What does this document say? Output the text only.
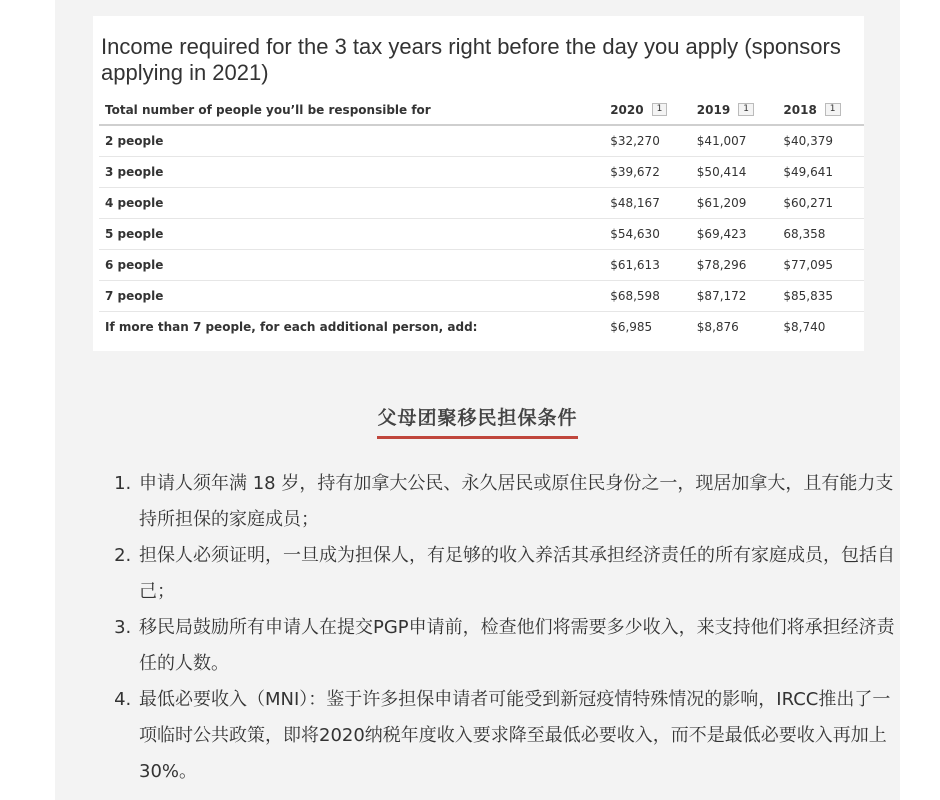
Income required for the 3 tax years right before the day you apply (sponsors applying in 2021)
Total number of people you’ll be responsible for	2020 1	2019 1	2018 1
2 people	$32,270	$41,007	$40,379
3 people	$39,672	$50,414	$49,641
4 people	$48,167	$61,209	$60,271
5 people	$54,630	$69,423	68,358
6 people	$61,613	$78,296	$77,095
7 people	$68,598	$87,172	$85,835
If more than 7 people, for each additional person, add:	$6,985	$8,876	$8,740
父母团聚移民担保条件
1. 申请人须年满 18 岁，持有加拿大公民、永久居民或原住民身份之一，现居加拿大，且有能力支持所担保的家庭成员；
2. 担保人必须证明，一旦成为担保人，有足够的收入养活其承担经济责任的所有家庭成员，包括自己；
3. 移民局鼓励所有申请人在提交PGP申请前，检查他们将需要多少收入，来支持他们将承担经济责任的人数。
4. 最低必要收入（MNI）：鉴于许多担保申请者可能受到新冠疫情特殊情况的影响，IRCC推出了一项临时公共政策，即将2020纳税年度收入要求降至最低必要收入，而不是最低必要收入再加上30%。
